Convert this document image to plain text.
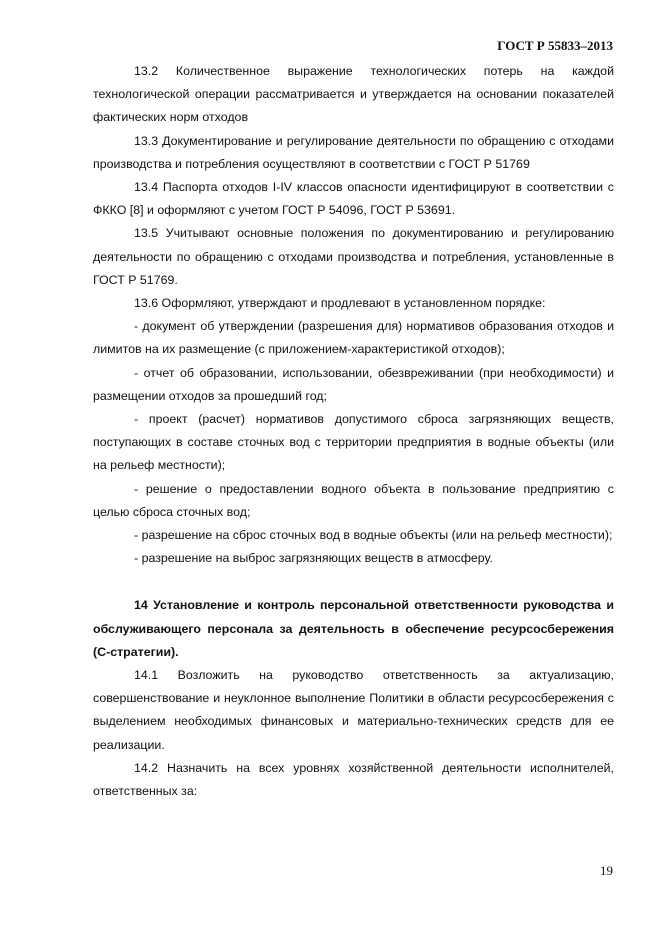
ГОСТ Р 55833–2013

13.2 Количественное выражение технологических потерь на каждой технологической операции рассматривается и утверждается на основании показателей фактических норм отходов

13.3 Документирование и регулирование деятельности по обращению с отходами производства и потребления осуществляют в соответствии с ГОСТ Р 51769

13.4 Паспорта отходов I-IV классов опасности идентифицируют в соответствии с ФККО [8] и оформляют с учетом ГОСТ Р 54096, ГОСТ Р 53691.

13.5 Учитывают основные положения по документированию и регулированию деятельности по обращению с отходами производства и потребления, установленные в ГОСТ Р 51769.

13.6 Оформляют, утверждают и продлевают в установленном порядке:

- документ об утверждении (разрешения для) нормативов образования отходов и лимитов на их размещение (с приложением-характеристикой отходов);

- отчет об образовании, использовании, обезвреживании (при необходимости) и размещении отходов за прошедший год;

- проект (расчет) нормативов допустимого сброса загрязняющих веществ, поступающих в составе сточных вод с территории предприятия в водные объекты (или на рельеф местности);

- решение о предоставлении водного объекта в пользование предприятию с целью сброса сточных вод;

- разрешение на сброс сточных вод в водные объекты (или на рельеф местности);

- разрешение на выброс загрязняющих веществ в атмосферу.

14 Установление и контроль персональной ответственности руководства и обслуживающего персонала за деятельность в обеспечение ресурсосбережения (С-стратегии).

14.1 Возложить на руководство ответственность за актуализацию, совершенствование и неуклонное выполнение Политики в области ресурсосбережения с выделением необходимых финансовых и материально-технических средств для ее реализации.

14.2 Назначить на всех уровнях хозяйственной деятельности исполнителей, ответственных за:

19
